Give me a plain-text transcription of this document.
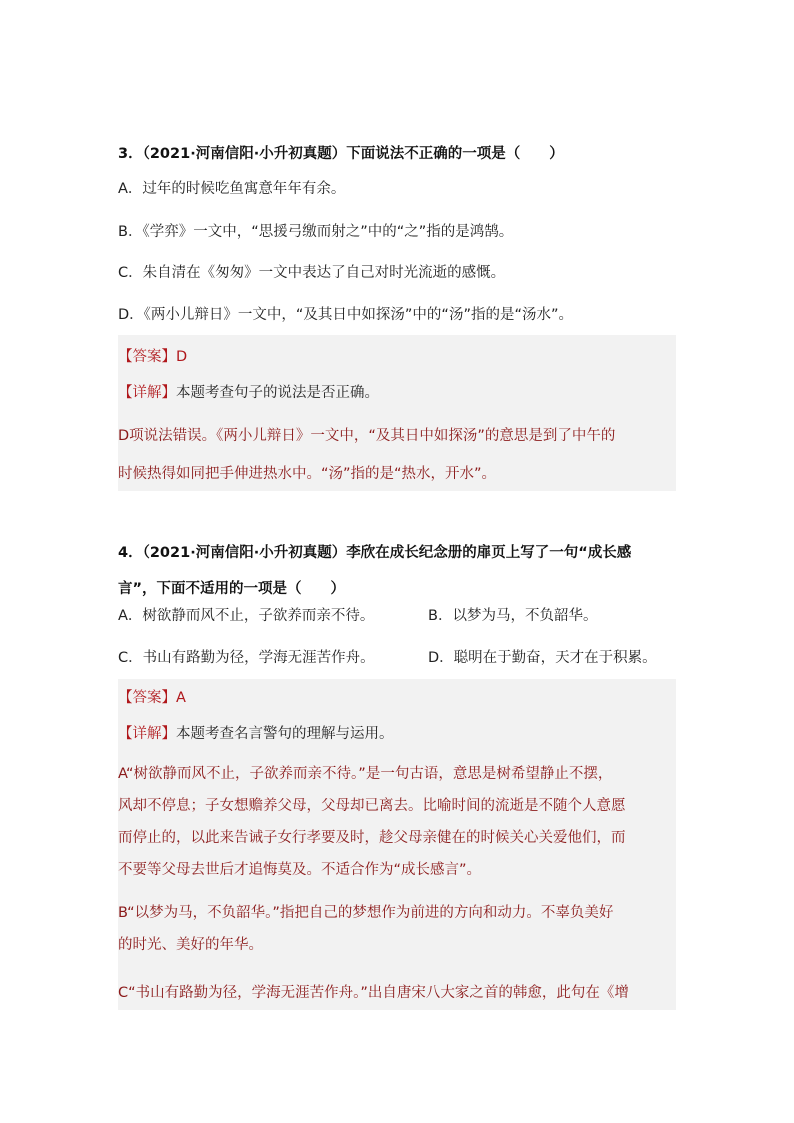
3．（2021·河南信阳·小升初真题）下面说法不正确的一项是（　　）
A．过年的时候吃鱼寓意年年有余。
B．《学弈》一文中，“思援弓缴而射之”中的“之”指的是鸿鹄。
C．朱自清在《匆匆》一文中表达了自己对时光流逝的感慨。
D．《两小儿辩日》一文中，“及其日中如探汤”中的“汤”指的是“汤水”。
【答案】D
【详解】本题考查句子的说法是否正确。

D项说法错误。《两小儿辩日》一文中，“及其日中如探汤”的意思是到了中午的

时候热得如同把手伸进热水中。“汤”指的是“热水，开水”。

4．（2021·河南信阳·小升初真题）李欣在成长纪念册的扉页上写了一句“成长感
言”，下面不适用的一项是（　　）
A．树欲静而风不止，子欲养而亲不待。	B．以梦为马，不负韶华。
C．书山有路勤为径，学海无涯苦作舟。	D．聪明在于勤奋，天才在于积累。
【答案】A
【详解】本题考查名言警句的理解与运用。

A“树欲静而风不止，子欲养而亲不待。”是一句古语，意思是树希望静止不摆，

风却不停息；子女想赡养父母，父母却已离去。比喻时间的流逝是不随个人意愿

而停止的，以此来告诫子女行孝要及时，趁父母亲健在的时候关心关爱他们，而

不要等父母去世后才追悔莫及。不适合作为“成长感言”。

B“以梦为马，不负韶华。”指把自己的梦想作为前进的方向和动力。不辜负美好

的时光、美好的年华。

C“书山有路勤为径，学海无涯苦作舟。”出自唐宋八大家之首的韩愈，此句在《增
